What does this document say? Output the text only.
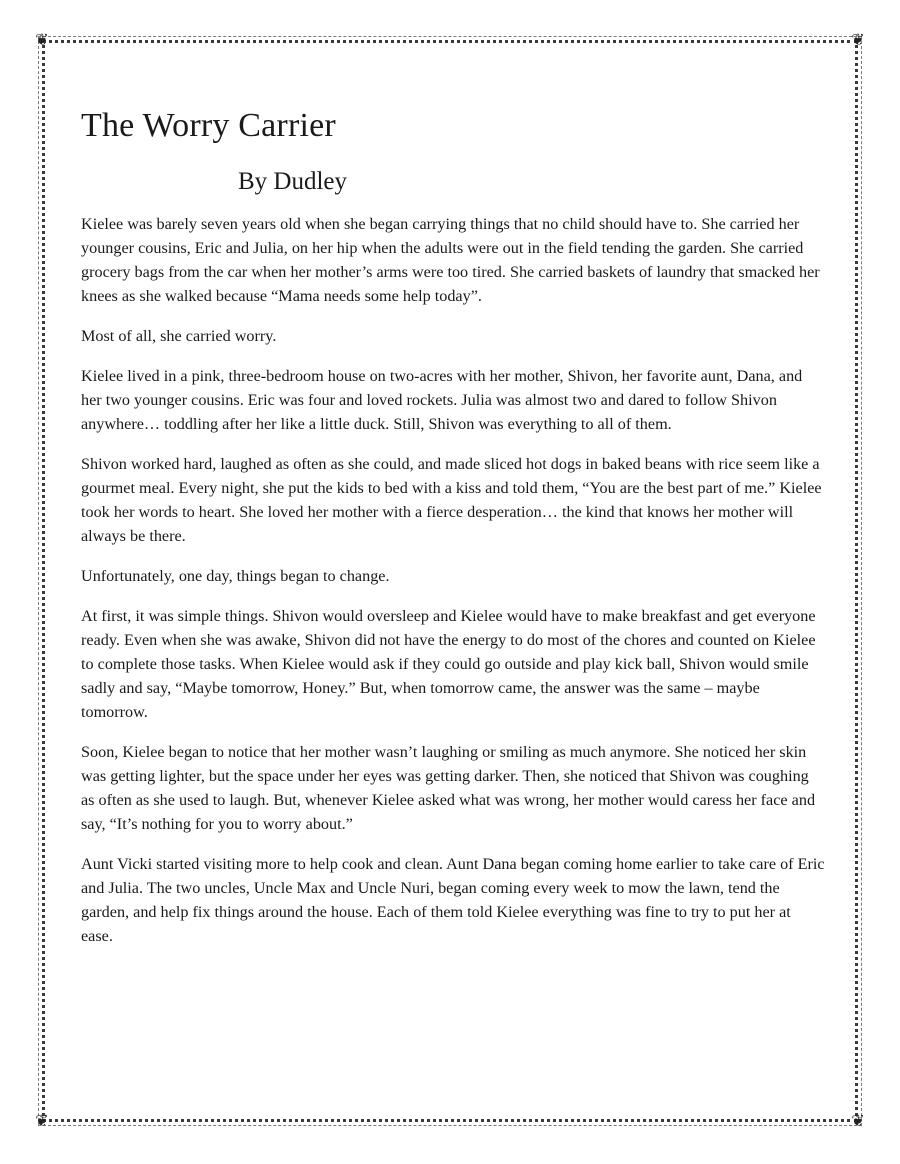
❦	❦
❦	❦
The Worry Carrier
By Dudley

Kielee was barely seven years old when she began carrying things that no child should have to. She carried her younger cousins, Eric and Julia, on her hip when the adults were out in the field tending the garden. She carried grocery bags from the car when her mother’s arms were too tired. She carried baskets of laundry that smacked her knees as she walked because “Mama needs some help today”.

Most of all, she carried worry.

Kielee lived in a pink, three-bedroom house on two-acres with her mother, Shivon, her favorite aunt, Dana, and her two younger cousins. Eric was four and loved rockets. Julia was almost two and dared to follow Shivon anywhere… toddling after her like a little duck. Still, Shivon was everything to all of them.

Shivon worked hard, laughed as often as she could, and made sliced hot dogs in baked beans with rice seem like a gourmet meal. Every night, she put the kids to bed with a kiss and told them, “You are the best part of me.” Kielee took her words to heart. She loved her mother with a fierce desperation… the kind that knows her mother will always be there.

Unfortunately, one day, things began to change.

At first, it was simple things. Shivon would oversleep and Kielee would have to make breakfast and get everyone ready. Even when she was awake, Shivon did not have the energy to do most of the chores and counted on Kielee to complete those tasks. When Kielee would ask if they could go outside and play kick ball, Shivon would smile sadly and say, “Maybe tomorrow, Honey.” But, when tomorrow came, the answer was the same – maybe tomorrow.

Soon, Kielee began to notice that her mother wasn’t laughing or smiling as much anymore. She noticed her skin was getting lighter, but the space under her eyes was getting darker. Then, she noticed that Shivon was coughing as often as she used to laugh. But, whenever Kielee asked what was wrong, her mother would caress her face and say, “It’s nothing for you to worry about.”

Aunt Vicki started visiting more to help cook and clean. Aunt Dana began coming home earlier to take care of Eric and Julia. The two uncles, Uncle Max and Uncle Nuri, began coming every week to mow the lawn, tend the garden, and help fix things around the house. Each of them told Kielee everything was fine to try to put her at ease.
